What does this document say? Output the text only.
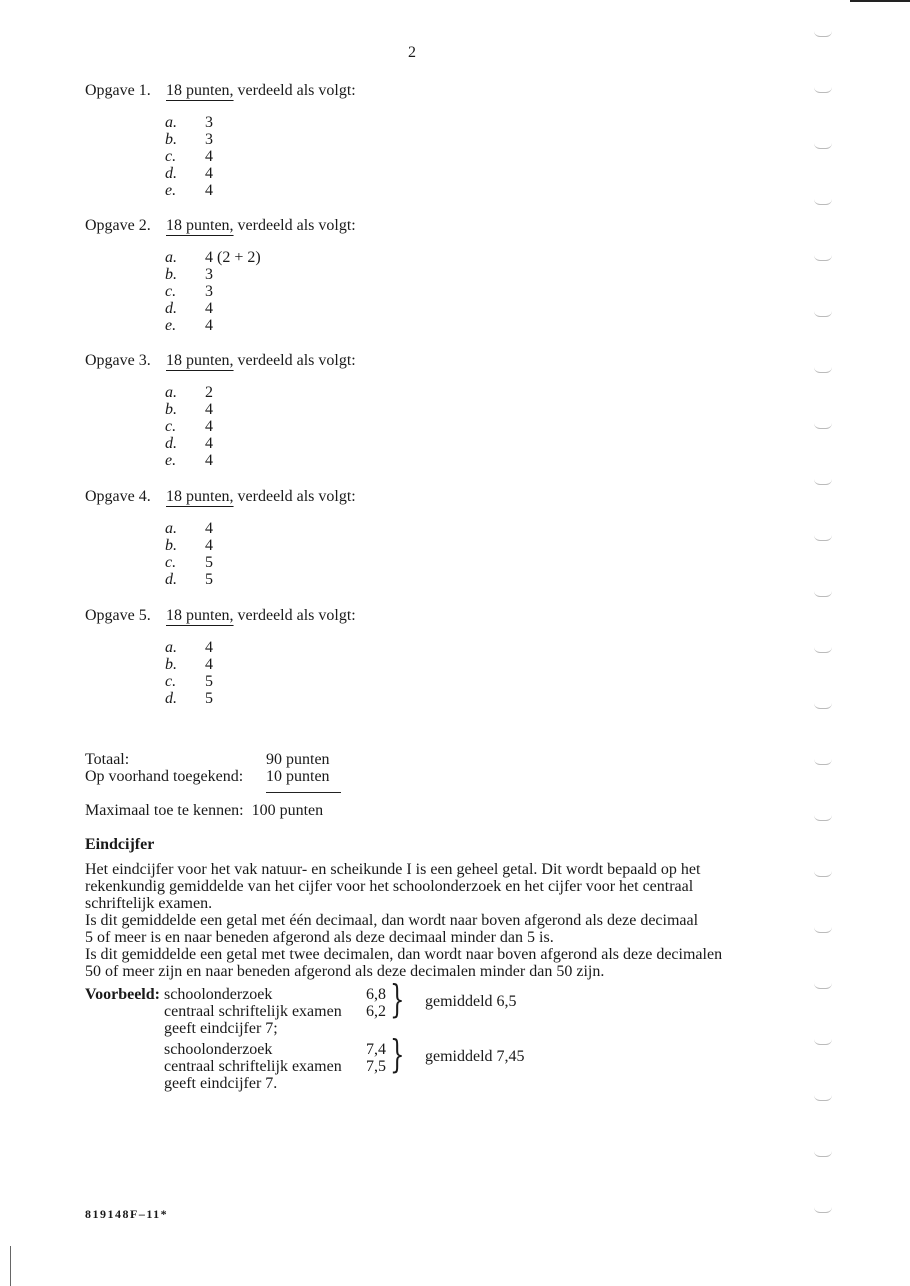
2
Opgave 1. 18 punten, verdeeld als volgt:
a. 3
b. 3
c. 4
d. 4
e. 4
Opgave 2. 18 punten, verdeeld als volgt:
a. 4 (2 + 2)
b. 3
c. 3
d. 4
e. 4
Opgave 3. 18 punten, verdeeld als volgt:
a. 2
b. 4
c. 4
d. 4
e. 4
Opgave 4. 18 punten, verdeeld als volgt:
a. 4
b. 4
c. 5
d. 5
Opgave 5. 18 punten, verdeeld als volgt:
a. 4
b. 4
c. 5
d. 5
Totaal:	90 punten
Op voorhand toegekend: 10 punten
Maximaal toe te kennen: 100 punten
Eindcijfer
Het eindcijfer voor het vak natuur- en scheikunde I is een geheel getal. Dit wordt bepaald op het
rekenkundig gemiddelde van het cijfer voor het schoolonderzoek en het cijfer voor het centraal
schriftelijk examen.
Is dit gemiddelde een getal met één decimaal, dan wordt naar boven afgerond als deze decimaal
5 of meer is en naar beneden afgerond als deze decimaal minder dan 5 is.
Is dit gemiddelde een getal met twee decimalen, dan wordt naar boven afgerond als deze decimalen
50 of meer zijn en naar beneden afgerond als deze decimalen minder dan 50 zijn.
Voorbeeld: schoolonderzoek
centraal schriftelijk examen
geeft eindcijfer 7;
6,8
6,2 } gemiddeld 6,5
schoolonderzoek
centraal schriftelijk examen
geeft eindcijfer 7.
7,4
7,5 } gemiddeld 7,45
819148F–11*
